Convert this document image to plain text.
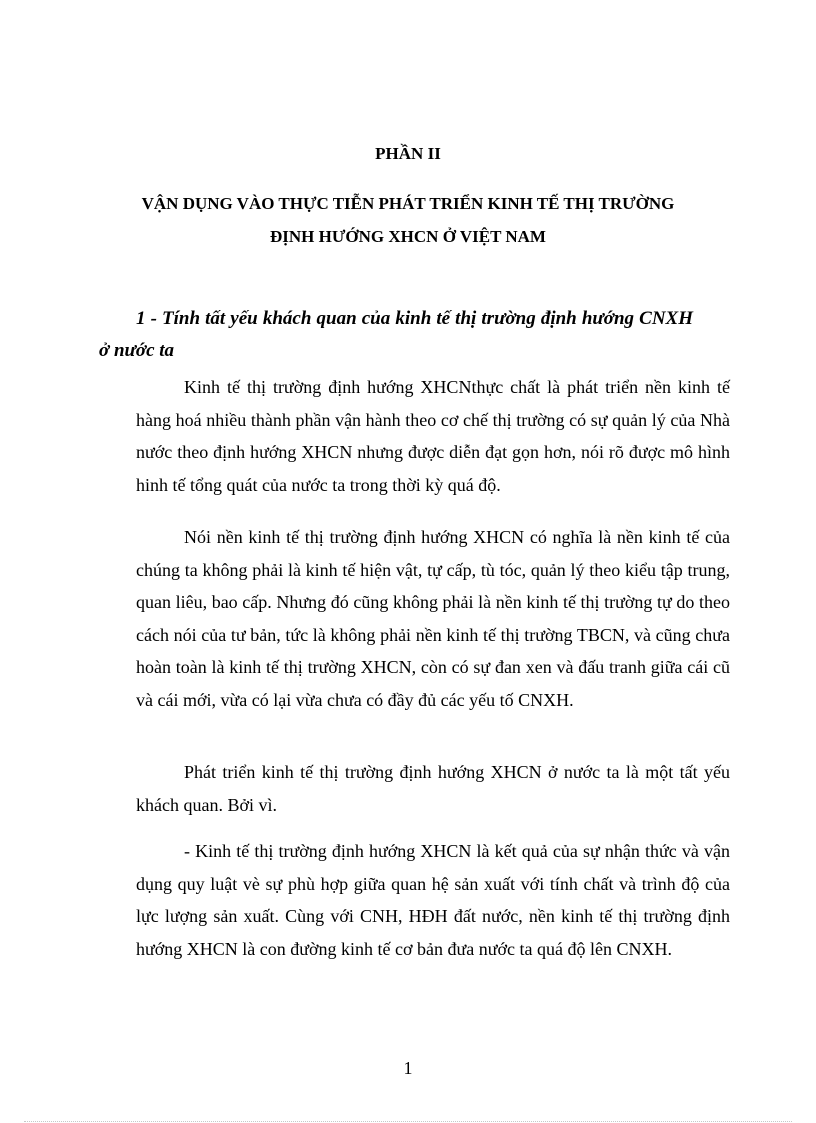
PHẦN II
VẬN DỤNG VÀO THỰC TIỄN PHÁT TRIỂN KINH TẾ THỊ TRƯỜNG ĐỊNH HƯỚNG XHCN Ở VIỆT NAM
1 - Tính tất yếu khách quan của kinh tế thị trường định hướng CNXH ở nước ta

Kinh tế thị trường định hướng XHCNthực chất là phát triển nền kinh tế hàng hoá nhiều thành phần vận hành theo cơ chế thị trường có sự quản lý của Nhà nước theo định hướng XHCN nhưng được diễn đạt gọn hơn, nói rõ được mô hình hinh tế tổng quát của nước ta trong thời kỳ quá độ.

Nói nền kinh tế thị trường định hướng XHCN có nghĩa là nền kinh tế của chúng ta không phải là kinh tế hiện vật, tự cấp, tù tóc, quản lý theo kiểu tập trung, quan liêu, bao cấp. Nhưng đó cũng không phải là nền kinh tế thị trường tự do theo cách nói của tư bản, tức là không phải nền kinh tế thị trường TBCN, và cũng chưa hoàn toàn là kinh tế thị trường XHCN, còn có sự đan xen và đấu tranh giữa cái cũ và cái mới, vừa có lại vừa chưa có đầy đủ các yếu tố CNXH.

Phát triển kinh tế thị trường định hướng XHCN ở nước ta là một tất yếu khách quan. Bởi vì.

- Kinh tế thị trường định hướng XHCN là kết quả của sự nhận thức và vận dụng quy luật vè sự phù hợp giữa quan hệ sản xuất với tính chất và trình độ của lực lượng sản xuất. Cùng với CNH, HĐH đất nước, nền kinh tế thị trường định hướng XHCN là con đường kinh tế cơ bản đưa nước ta quá độ lên CNXH.

1
